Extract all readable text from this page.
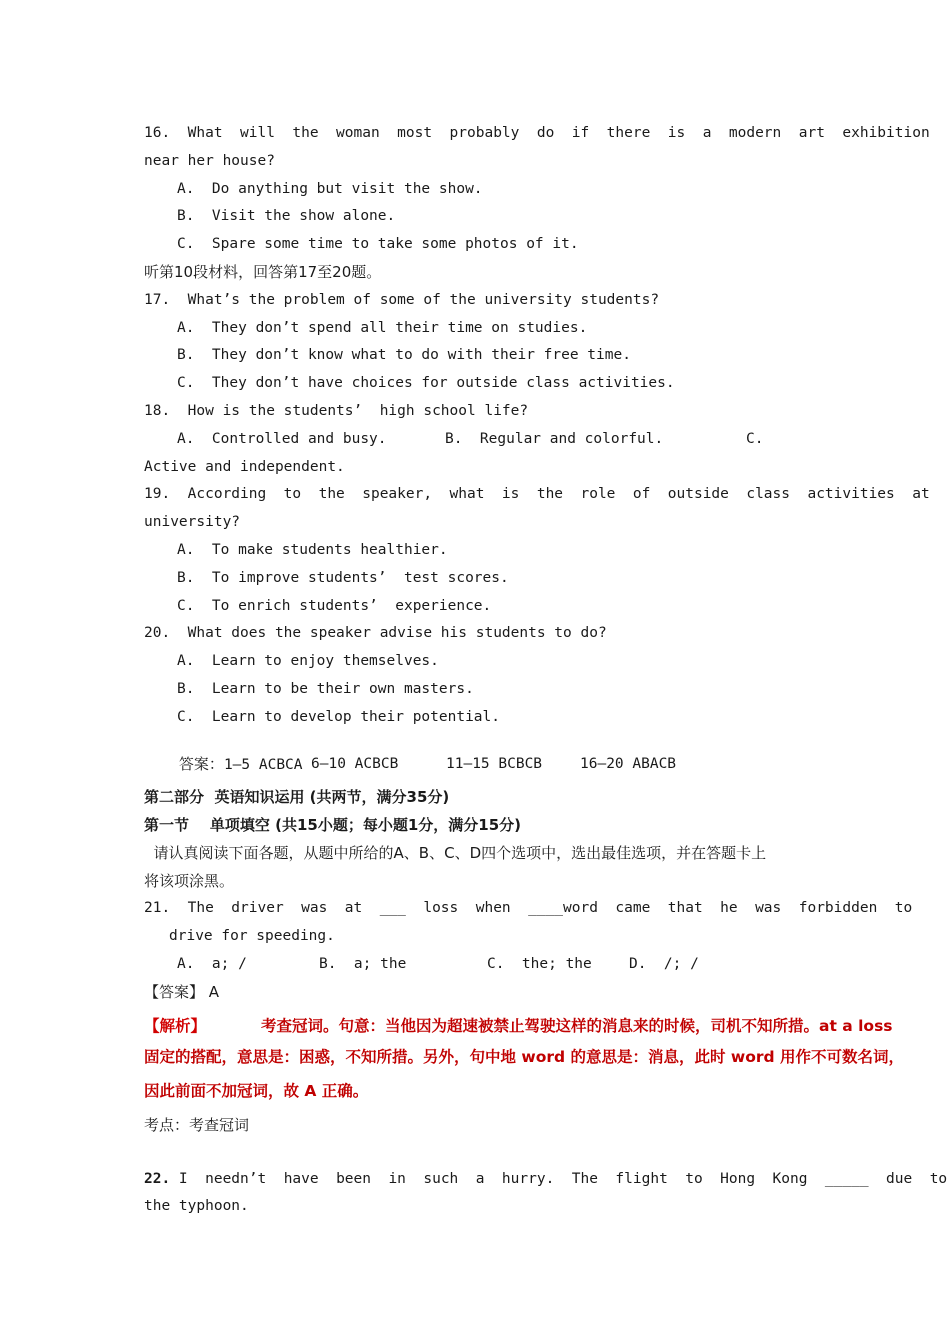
16.  What  will  the  woman  most  probably  do  if  there  is  a  modern  art  exhibition
near her house?
A.  Do anything but visit the show.
B.  Visit the show alone.
C.  Spare some time to take some photos of it.
听第10段材料，回答第17至20题。
17.  What’s the problem of some of the university students?
A.  They don’t spend all their time on studies.
B.  They don’t know what to do with their free time.
C.  They don’t have choices for outside class activities.
18.  How is the students’  high school life?
A.  Controlled and busy.	B.  Regular and colorful.	C.
Active and independent.
19.  According  to  the  speaker,  what  is  the  role  of  outside  class  activities  at
university?
A.  To make students healthier.
B.  To improve students’  test scores.
C.  To enrich students’  experience.
20.  What does the speaker advise his students to do?
A.  Learn to enjoy themselves.
B.  Learn to be their own masters.
C.  Learn to develop their potential.

答案：1—5 ACBCA 6—10 ACBCB	11—15 BCBCB	16—20 ABACB

第二部分  英语知识运用 (共两节，满分35分)
第一节    单项填空 (共15小题；每小题1分，满分15分)
请认真阅读下面各题，从题中所给的A、B、C、D四个选项中，选出最佳选项，并在答题卡上
将该项涂黑。
21.  The  driver  was  at  ___  loss  when  ____word  came  that  he  was  forbidden  to
drive for speeding.
A.  a; /	B.  a; the	C.  the; the	D.  /; /
【答案】 A
【解析】	考查冠词。句意：当他因为超速被禁止驾驶这样的消息来的时候，司机不知所措。at a loss
固定的搭配，意思是：困惑，不知所措。另外，句中地 word 的意思是：消息，此时 word 用作不可数名词，
因此前面不加冠词，故 A 正确。
考点：考查冠词
22. I  needn’t  have  been  in  such  a  hurry.  The  flight  to  Hong  Kong  _____  due  to
the typhoon.
